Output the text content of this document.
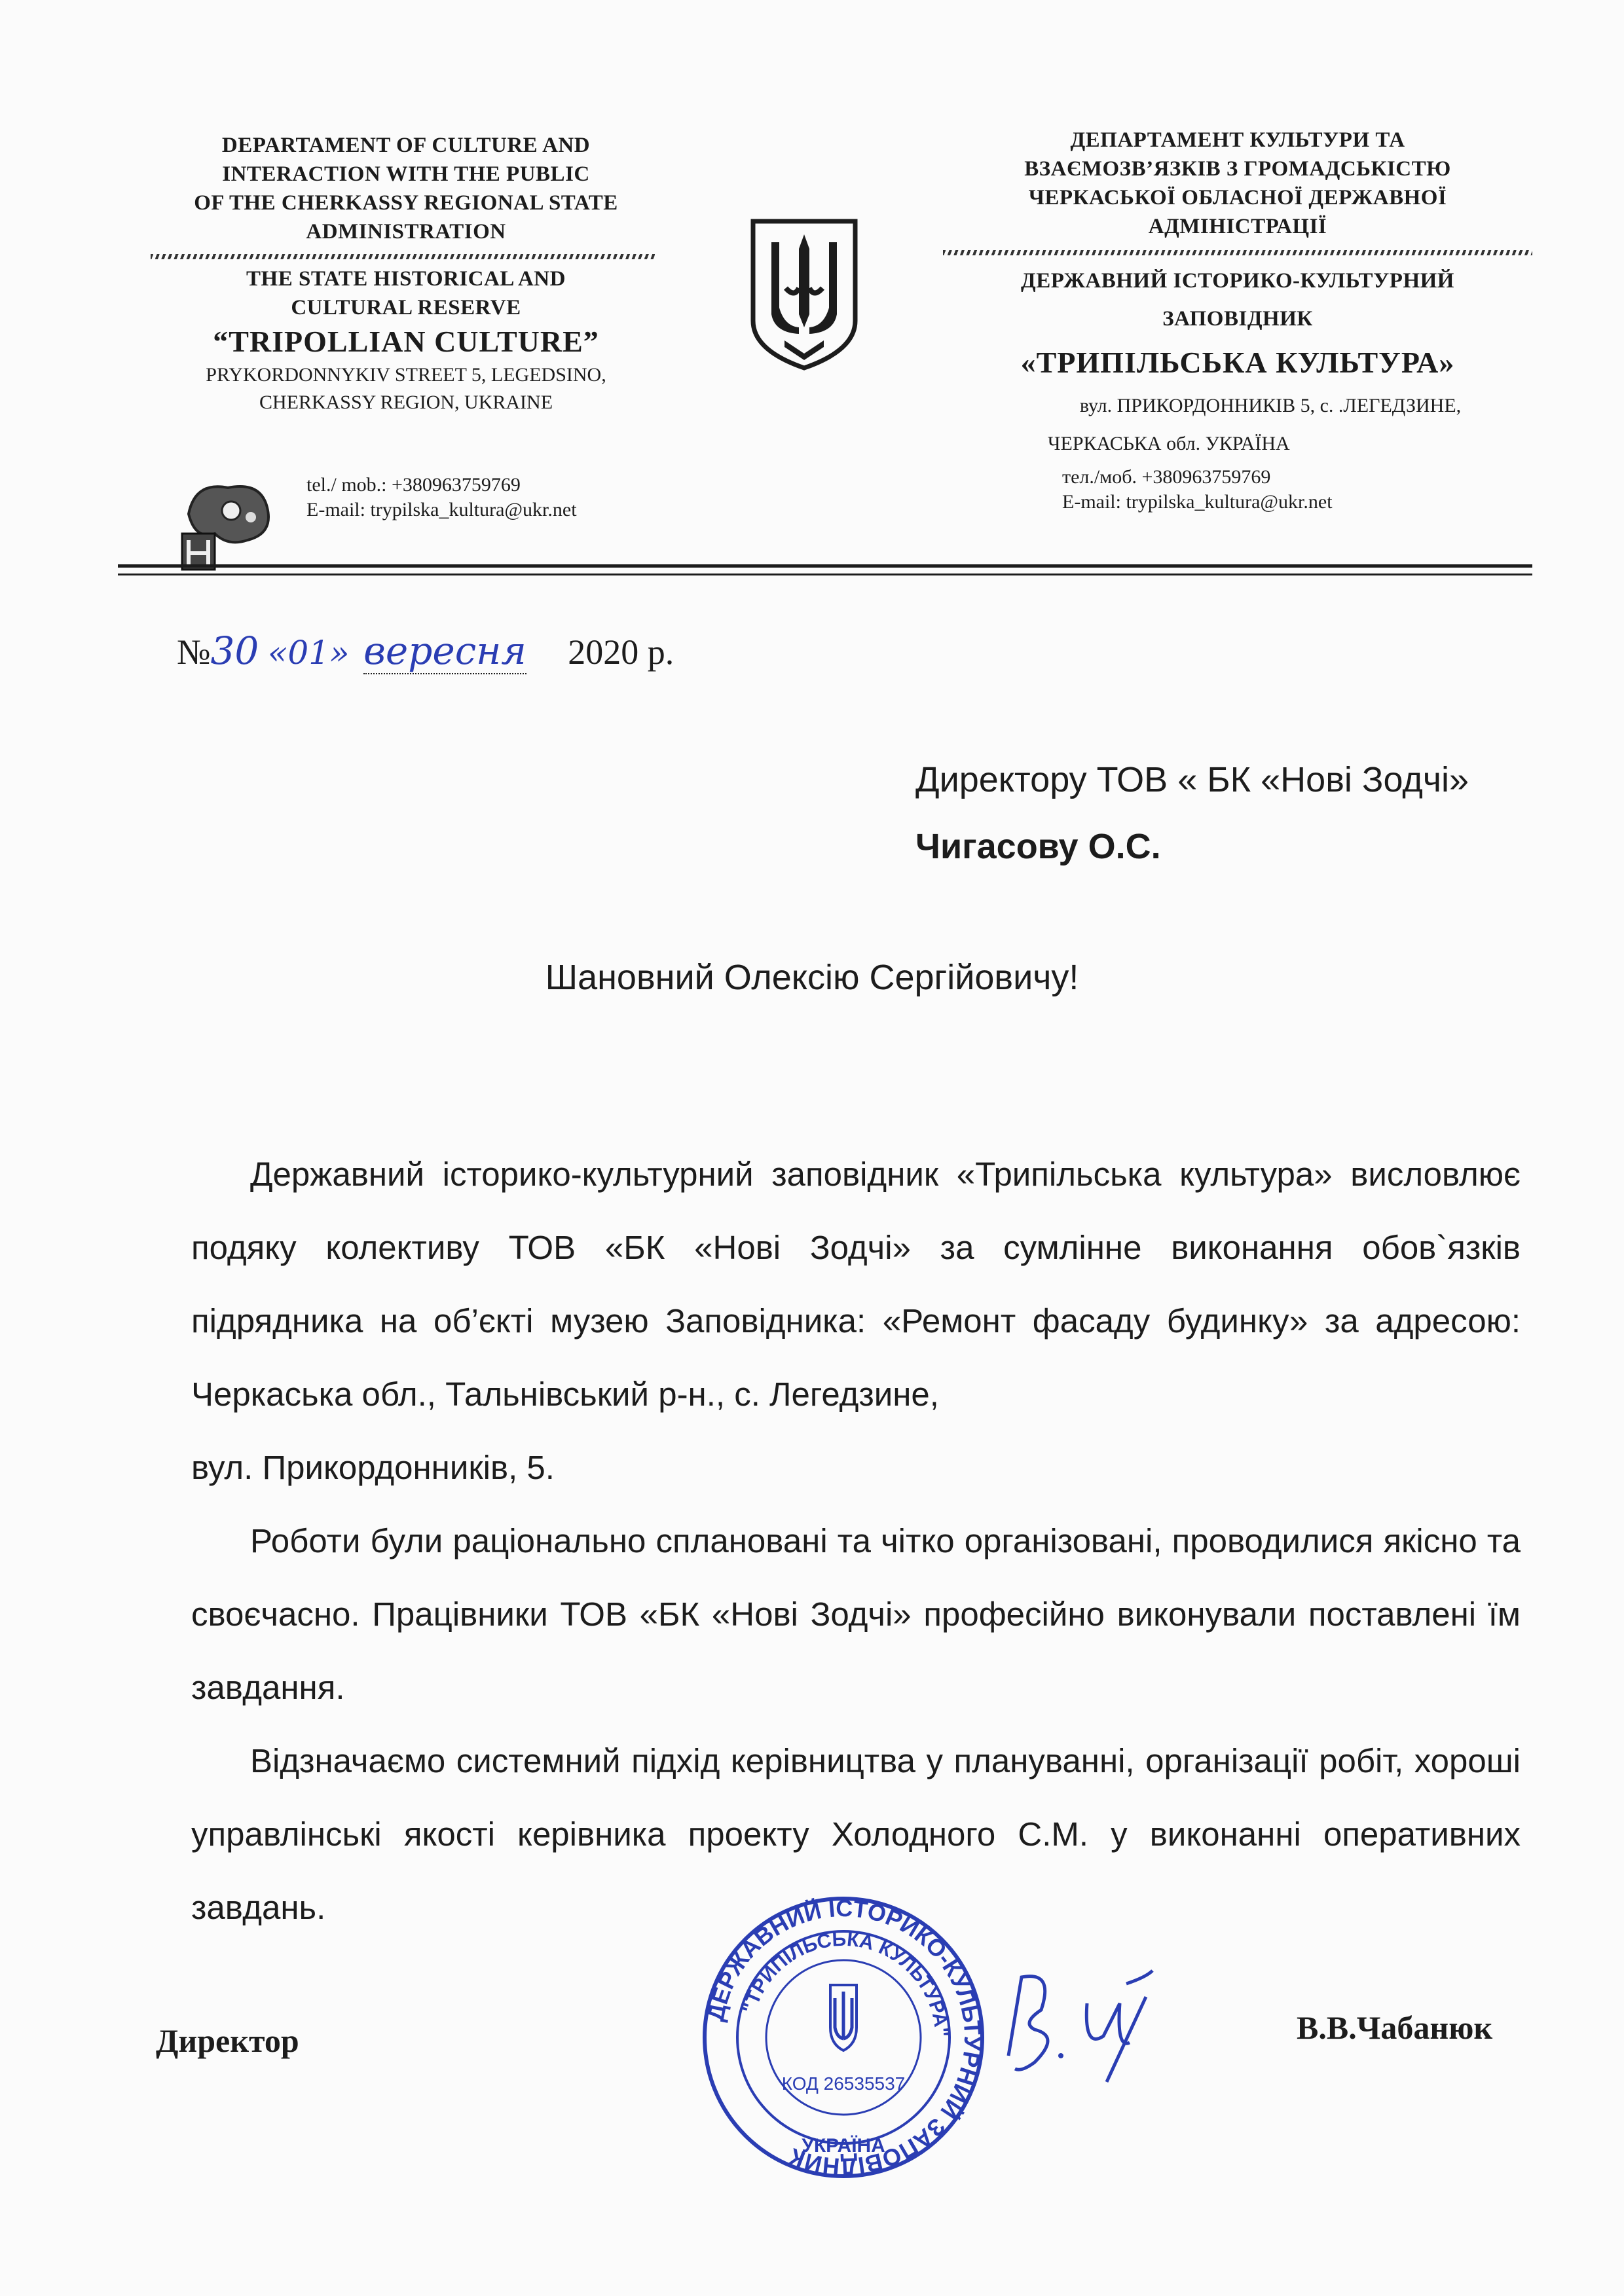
DEPARTAMENT OF CULTURE AND
INTERACTION WITH THE PUBLIC
OF THE CHERKASSY REGIONAL STATE
ADMINISTRATION
THE STATE HISTORICAL AND
CULTURAL RESERVE
“TRIPOLLIAN CULTURE”
PRYKORDONNYKIV STREET 5, LEGEDSINO,
CHERKASSY REGION, UKRAINE
tel./ mob.: +380963759769
E-mail: trypilska_kultura@ukr.net
ДЕПАРТАМЕНТ КУЛЬТУРИ ТА
ВЗАЄМОЗВ’ЯЗКІВ З ГРОМАДСЬКІСТЮ
ЧЕРКАСЬКОЇ ОБЛАСНОЇ ДЕРЖАВНОЇ
АДМІНІСТРАЦІЇ
ДЕРЖАВНИЙ ІСТОРИКО-КУЛЬТУРНИЙ
ЗАПОВІДНИК
«ТРИПІЛЬСЬКА КУЛЬТУРА»
вул. ПРИКОРДОННИКІВ 5, с. .ЛЕГЕДЗИНЕ,
ЧЕРКАСЬКА обл. УКРАЇНА
тел./моб. +380963759769
E-mail: trypilska_kultura@ukr.net
№30 «01» вересня 2020 р.
Директору ТОВ « БК «Нові Зодчі»
Чигасову О.С.
Шановний Олексію Сергійовичу!

Державний історико-культурний заповідник «Трипільська культура» висловлює подяку колективу ТОВ «БК «Нові Зодчі» за сумлінне виконання обов`язків підрядника на об’єкті музею Заповідника: «Ремонт фасаду будинку» за адресою: Черкаська обл., Тальнівський р-н., с. Легедзине,

вул. Прикордонників, 5.

Роботи були раціонально сплановані та чітко організовані, проводилися якісно та своєчасно. Працівники ТОВ «БК «Нові Зодчі» професійно виконували поставлені їм завдання.

Відзначаємо системний підхід керівництва у плануванні, організації робіт, хороші управлінські якості керівника проекту Холодного С.М. у виконанні оперативних завдань.

ДЕРЖАВНИЙ ІСТОРИКО-КУЛЬТУРНИЙ ЗАПОВІДНИК
"ТРИПІЛЬСЬКА КУЛЬТУРА"
КОД 26535537
УКРАЇНА
Директор	В.В.Чабанюк
